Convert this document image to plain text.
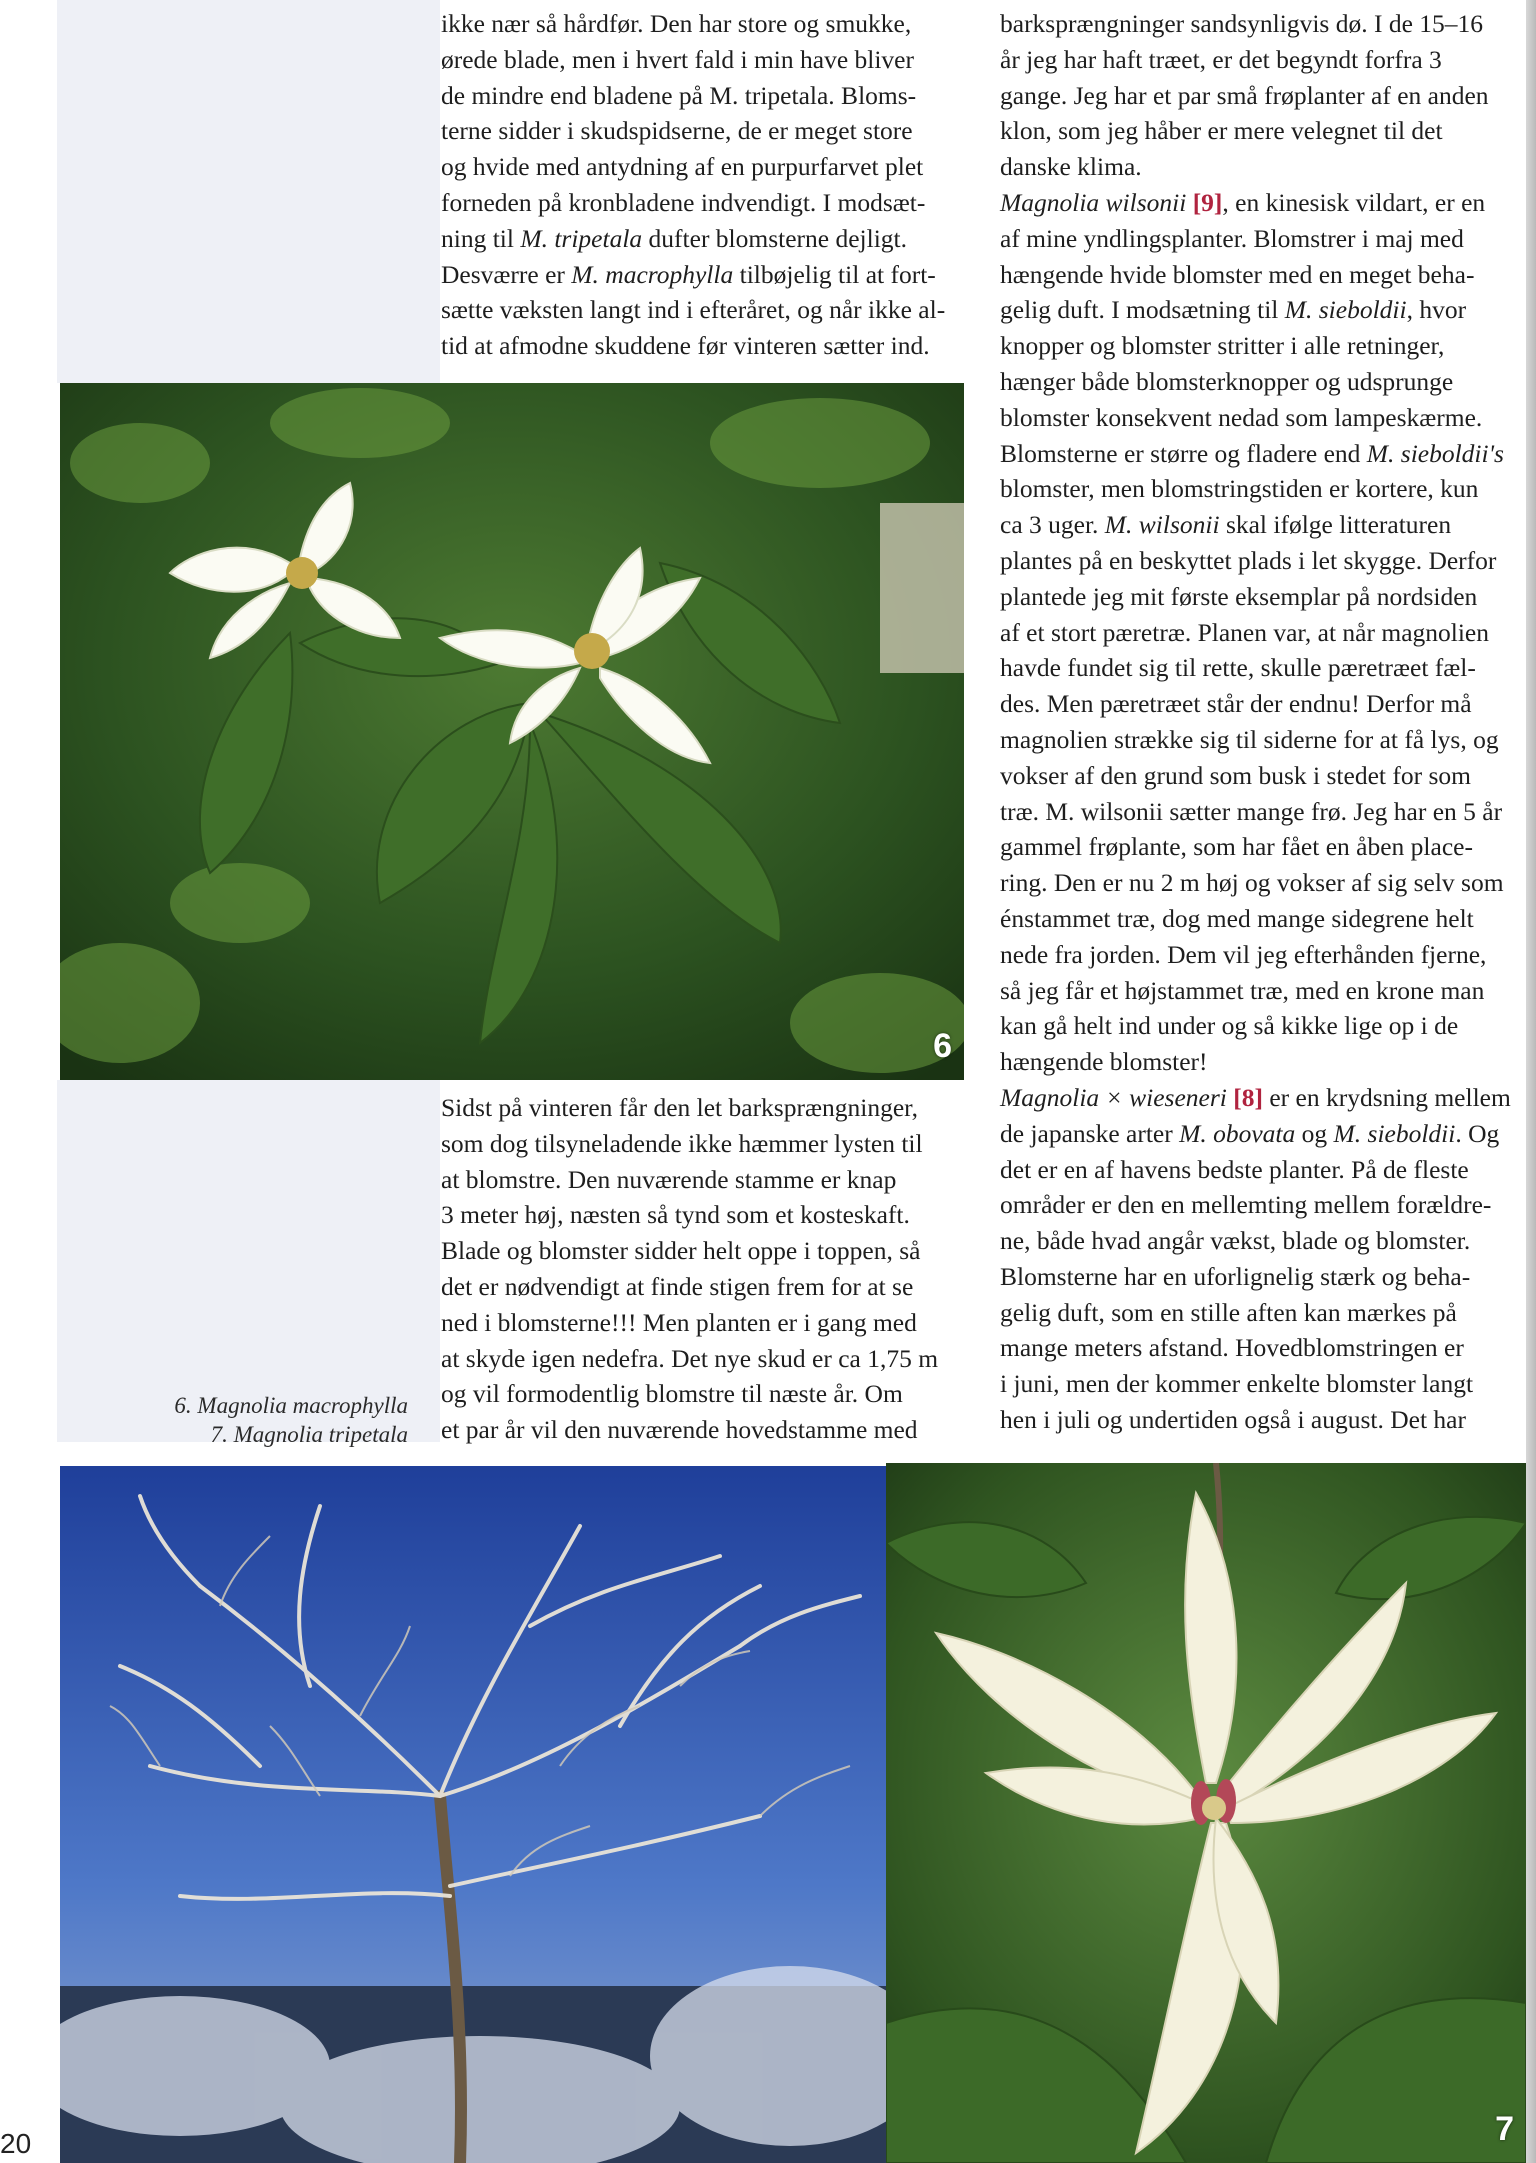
ikke nær så hårdfør. Den har store og smukke,

ørede blade, men i hvert fald i min have bliver

de mindre end bladene på M. tripetala. Bloms-

terne sidder i skudspidserne, de er meget store

og hvide med antydning af en purpurfarvet plet

forneden på kronbladene indvendigt. I modsæt-

ning til M. tripetala dufter blomsterne dejligt.

Desværre er M. macrophylla tilbøjelig til at fort-

sætte væksten langt ind i efteråret, og når ikke al-

tid at afmodne skuddene før vinteren sætter ind.

6

Sidst på vinteren får den let barksprængninger,

som dog tilsyneladende ikke hæmmer lysten til

at blomstre. Den nuværende stamme er knap

3 meter høj, næsten så tynd som et kosteskaft.

Blade og blomster sidder helt oppe i toppen, så

det er nødvendigt at finde stigen frem for at se

ned i blomsterne!!! Men planten er i gang med

at skyde igen nedefra. Det nye skud er ca 1,75 m

og vil formodentlig blomstre til næste år. Om

et par år vil den nuværende hovedstamme med

6. Magnolia macrophylla
7. Magnolia tripetala

barksprængninger sandsynligvis dø. I de 15–16

år jeg har haft træet, er det begyndt forfra 3

gange. Jeg har et par små frøplanter af en anden

klon, som jeg håber er mere velegnet til det

danske klima.

Magnolia wilsonii [9], en kinesisk vildart, er en

af mine yndlingsplanter. Blomstrer i maj med

hængende hvide blomster med en meget beha-

gelig duft. I modsætning til M. sieboldii, hvor

knopper og blomster stritter i alle retninger,

hænger både blomsterknopper og udsprunge

blomster konsekvent nedad som lampeskærme.

Blomsterne er større og fladere end M. sieboldii's

blomster, men blomstringstiden er kortere, kun

ca 3 uger. M. wilsonii skal ifølge litteraturen

plantes på en beskyttet plads i let skygge. Derfor

plantede jeg mit første eksemplar på nordsiden

af et stort pæretræ. Planen var, at når magnolien

havde fundet sig til rette, skulle pæretræet fæl-

des. Men pæretræet står der endnu! Derfor må

magnolien strække sig til siderne for at få lys, og

vokser af den grund som busk i stedet for som

træ. M. wilsonii sætter mange frø. Jeg har en 5 år

gammel frøplante, som har fået en åben place-

ring. Den er nu 2 m høj og vokser af sig selv som

énstammet træ, dog med mange sidegrene helt

nede fra jorden. Dem vil jeg efterhånden fjerne,

så jeg får et højstammet træ, med en krone man

kan gå helt ind under og så kikke lige op i de

hængende blomster!

Magnolia × wieseneri [8] er en krydsning mellem

de japanske arter M. obovata og M. sieboldii. Og

det er en af havens bedste planter. På de fleste

områder er den en mellemting mellem forældre-

ne, både hvad angår vækst, blade og blomster.

Blomsterne har en uforlignelig stærk og beha-

gelig duft, som en stille aften kan mærkes på

mange meters afstand. Hovedblomstringen er

i juni, men der kommer enkelte blomster langt

hen i juli og undertiden også i august. Det har

7
20
